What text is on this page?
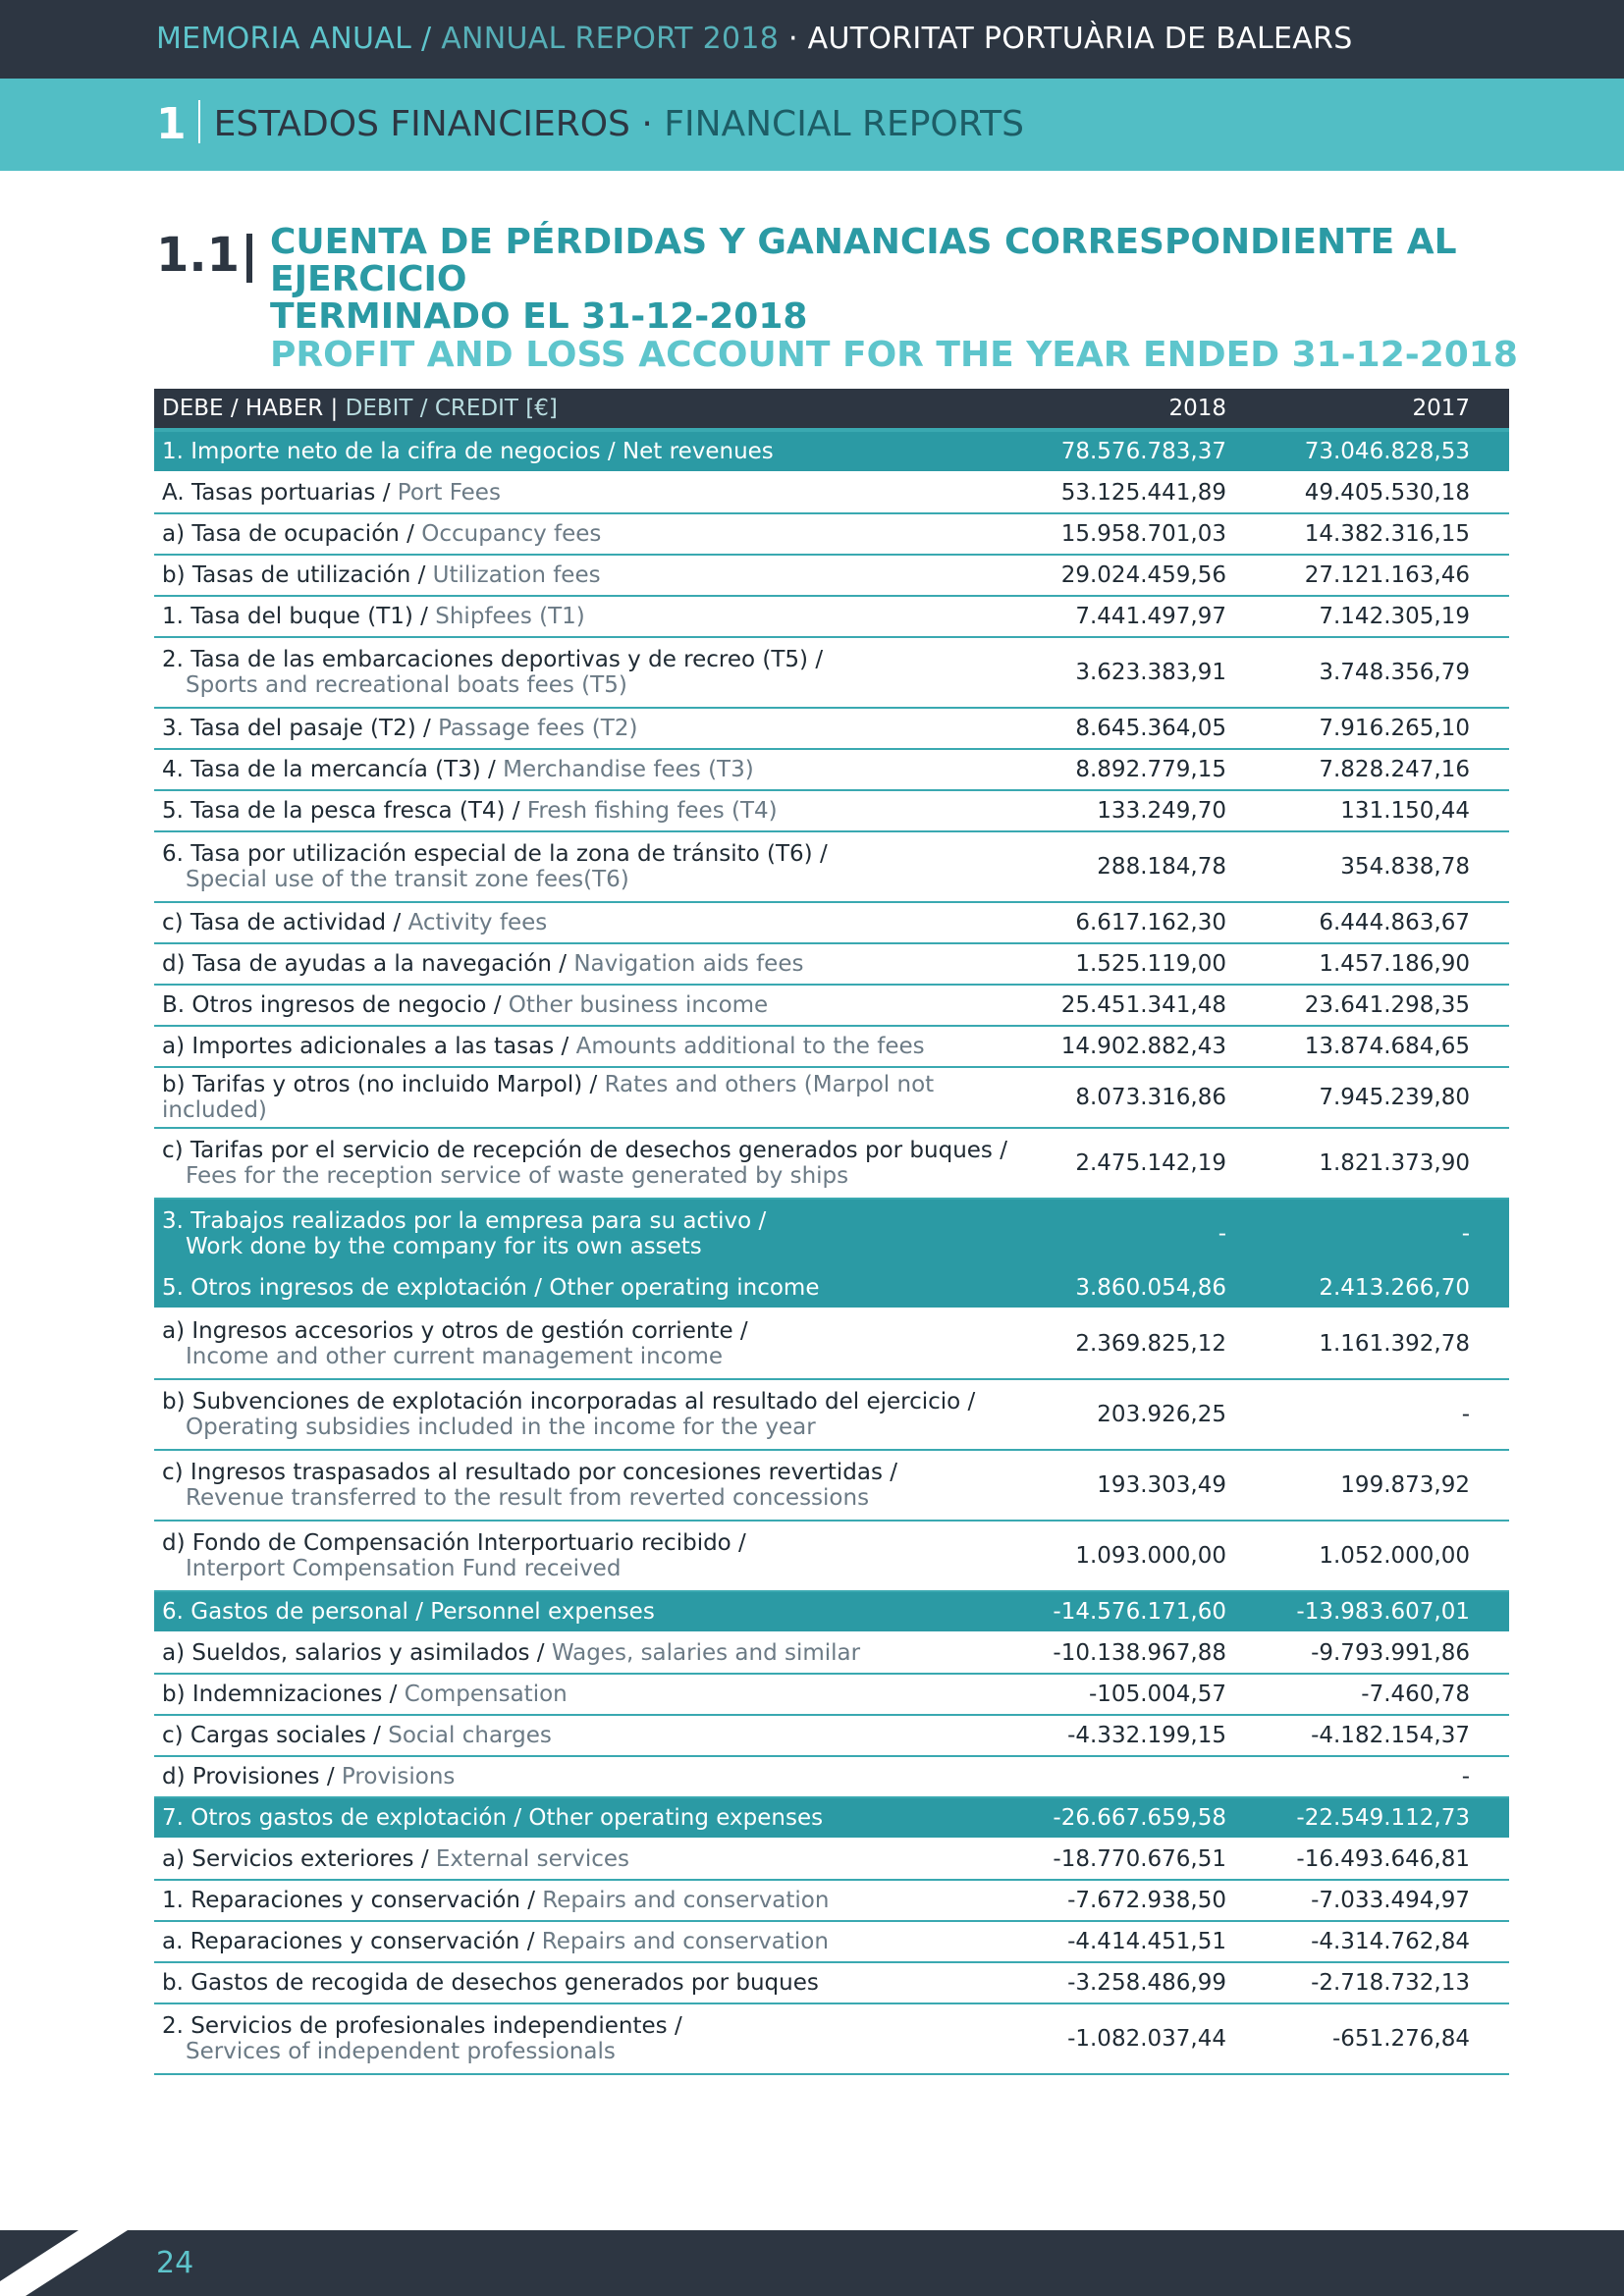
MEMORIA ANUAL / ANNUAL REPORT 2018 · AUTORITAT PORTUÀRIA DE BALEARS
1 ESTADOS FINANCIEROS · FINANCIAL REPORTS
1.1 CUENTA DE PÉRDIDAS Y GANANCIAS CORRESPONDIENTE AL EJERCICIO
TERMINADO EL 31-12-2018
PROFIT AND LOSS ACCOUNT FOR THE YEAR ENDED 31-12-2018
DEBE / HABER | DEBIT / CREDIT [€]	2018	2017
1. Importe neto de la cifra de negocios / Net revenues	78.576.783,37	73.046.828,53
A. Tasas portuarias / Port Fees	53.125.441,89	49.405.530,18
a) Tasa de ocupación / Occupancy fees	15.958.701,03	14.382.316,15
b) Tasas de utilización / Utilization fees	29.024.459,56	27.121.163,46
1. Tasa del buque (T1) / Shipfees (T1)	7.441.497,97	7.142.305,19
2. Tasa de las embarcaciones deportivas y de recreo (T5) /
Sports and recreational boats fees (T5)	3.623.383,91	3.748.356,79
3. Tasa del pasaje (T2) / Passage fees (T2)	8.645.364,05	7.916.265,10
4. Tasa de la mercancía (T3) / Merchandise fees (T3)	8.892.779,15	7.828.247,16
5. Tasa de la pesca fresca (T4) / Fresh fishing fees (T4)	133.249,70	131.150,44
6. Tasa por utilización especial de la zona de tránsito (T6) /
Special use of the transit zone fees(T6)	288.184,78	354.838,78
c) Tasa de actividad / Activity fees	6.617.162,30	6.444.863,67
d) Tasa de ayudas a la navegación / Navigation aids fees	1.525.119,00	1.457.186,90
B. Otros ingresos de negocio / Other business income	25.451.341,48	23.641.298,35
a) Importes adicionales a las tasas / Amounts additional to the fees	14.902.882,43	13.874.684,65
b) Tarifas y otros (no incluido Marpol) / Rates and others (Marpol not included)	8.073.316,86	7.945.239,80
c) Tarifas por el servicio de recepción de desechos generados por buques /
Fees for the reception service of waste generated by ships	2.475.142,19	1.821.373,90
3. Trabajos realizados por la empresa para su activo /
Work done by the company for its own assets	-	-
5. Otros ingresos de explotación / Other operating income	3.860.054,86	2.413.266,70
a) Ingresos accesorios y otros de gestión corriente /
Income and other current management income	2.369.825,12	1.161.392,78
b) Subvenciones de explotación incorporadas al resultado del ejercicio /
Operating subsidies included in the income for the year	203.926,25	-
c) Ingresos traspasados al resultado por concesiones revertidas /
Revenue transferred to the result from reverted concessions	193.303,49	199.873,92
d) Fondo de Compensación Interportuario recibido /
Interport Compensation Fund received	1.093.000,00	1.052.000,00
6. Gastos de personal / Personnel expenses	-14.576.171,60	-13.983.607,01
a) Sueldos, salarios y asimilados / Wages, salaries and similar	-10.138.967,88	-9.793.991,86
b) Indemnizaciones / Compensation	-105.004,57	-7.460,78
c) Cargas sociales / Social charges	-4.332.199,15	-4.182.154,37
d) Provisiones / Provisions		-
7. Otros gastos de explotación / Other operating expenses	-26.667.659,58	-22.549.112,73
a) Servicios exteriores / External services	-18.770.676,51	-16.493.646,81
1. Reparaciones y conservación / Repairs and conservation	-7.672.938,50	-7.033.494,97
a. Reparaciones y conservación / Repairs and conservation	-4.414.451,51	-4.314.762,84
b. Gastos de recogida de desechos generados por buques	-3.258.486,99	-2.718.732,13
2. Servicios de profesionales independientes /
Services of independent professionals	-1.082.037,44	-651.276,84
24
